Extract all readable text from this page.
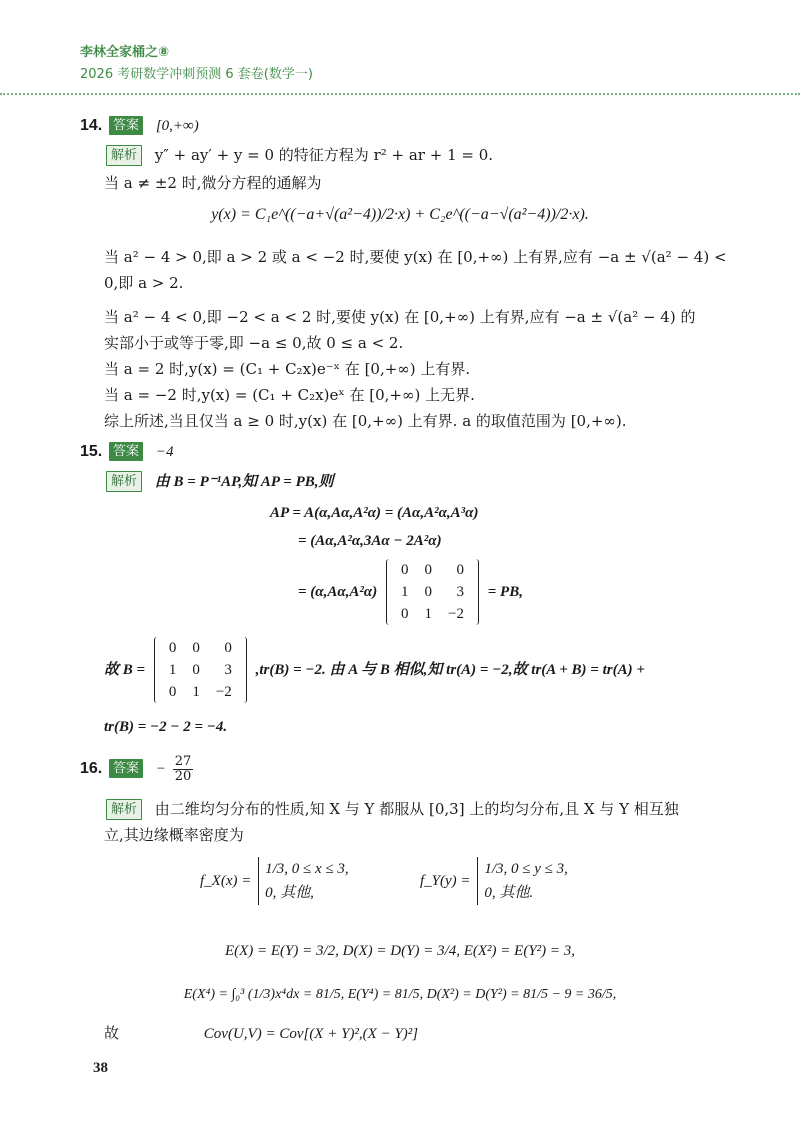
李林全家桶之⑧
2026 考研数学冲刺预测 6 套卷(数学一)
14. 答案 [0,+∞)
解析 y″ + ay′ + y = 0 的特征方程为 r² + ar + 1 = 0.
当 a ≠ ±2 时,微分方程的通解为
y(x) = C₁e^((−a+√(a²−4))/2·x) + C₂e^((−a−√(a²−4))/2·x).
当 a² − 4 > 0,即 a > 2 或 a < −2 时,要使 y(x) 在 [0,+∞) 上有界,应有 −a ± √(a² − 4) <
0,即 a > 2.
当 a² − 4 < 0,即 −2 < a < 2 时,要使 y(x) 在 [0,+∞) 上有界,应有 −a ± √(a² − 4) 的
实部小于或等于零,即 −a ≤ 0,故 0 ≤ a < 2.
当 a = 2 时,y(x) = (C₁ + C₂x)e⁻ˣ 在 [0,+∞) 上有界.
当 a = −2 时,y(x) = (C₁ + C₂x)eˣ 在 [0,+∞) 上无界.
综上所述,当且仅当 a ≥ 0 时,y(x) 在 [0,+∞) 上有界. a 的取值范围为 [0,+∞).
15. 答案 −4
解析 由 B = P⁻¹AP,知 AP = PB,则
AP = A(α,Aα,A²α) = (Aα,A²α,A³α)
= (Aα,A²α,3Aα − 2A²α)
= (α,Aα,A²α)
0	0	0
1	0	3
0	1	−2
= PB,
故 B =
0	0	0
1	0	3
0	1	−2
,tr(B) = −2. 由 A 与 B 相似,知 tr(A) = −2,故 tr(A + B) = tr(A) +
tr(B) = −2 − 2 = −4.
16. 答案 − $\frac{27}{20}$
解析 由二维均匀分布的性质,知 X 与 Y 都服从 [0,3] 上的均匀分布,且 X 与 Y 相互独
立,其边缘概率密度为
f_X(x) =
1/3, 0 ≤ x ≤ 3,
0, 其他,
f_Y(y) =
1/3, 0 ≤ y ≤ 3,
0, 其他.
E(X) = E(Y) = 3/2, D(X) = D(Y) = 3/4, E(X²) = E(Y²) = 3,
E(X⁴) = ∫₀³ (1/3)x⁴dx = 81/5, E(Y⁴) = 81/5, D(X²) = D(Y²) = 81/5 − 9 = 36/5,
故	Cov(U,V) = Cov[(X + Y)²,(X − Y)²]
38
